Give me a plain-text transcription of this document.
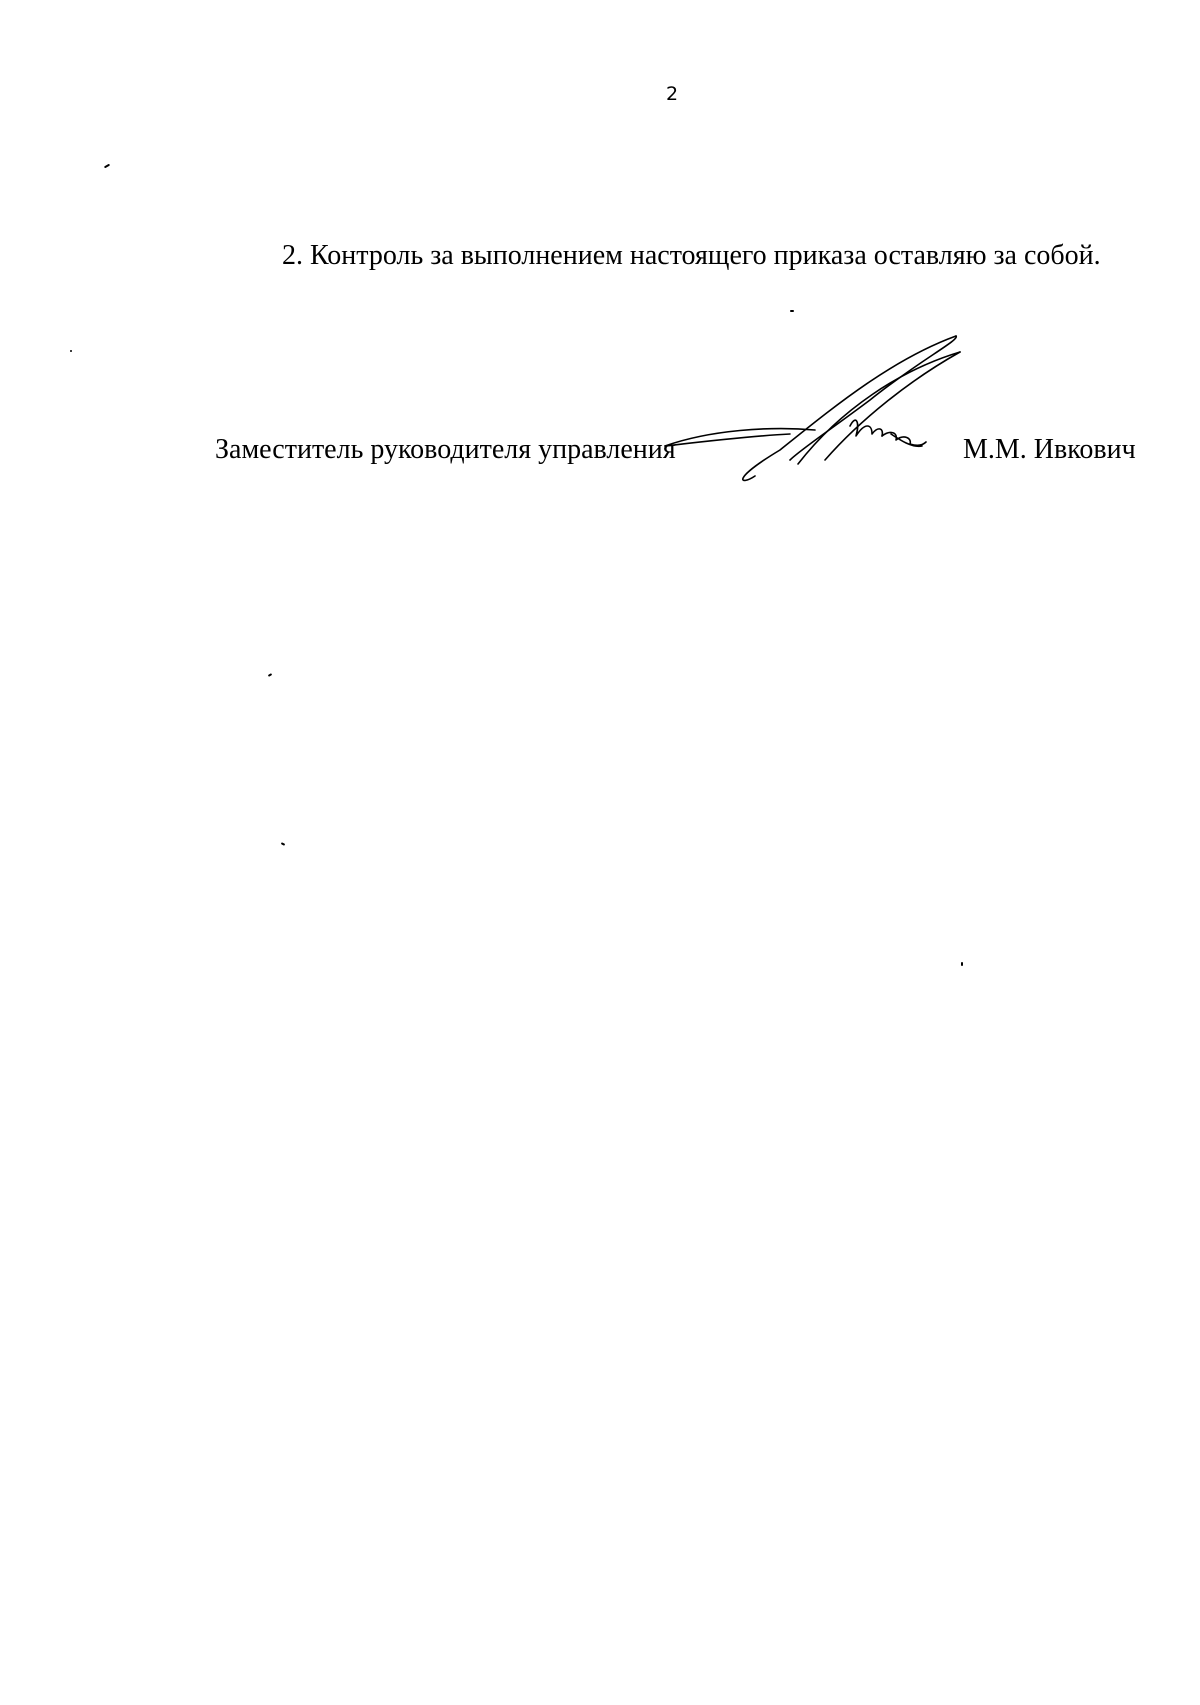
2
2. Контроль за выполнением настоящего приказа оставляю за собой.
Заместитель руководителя управления	М.М. Ивкович
